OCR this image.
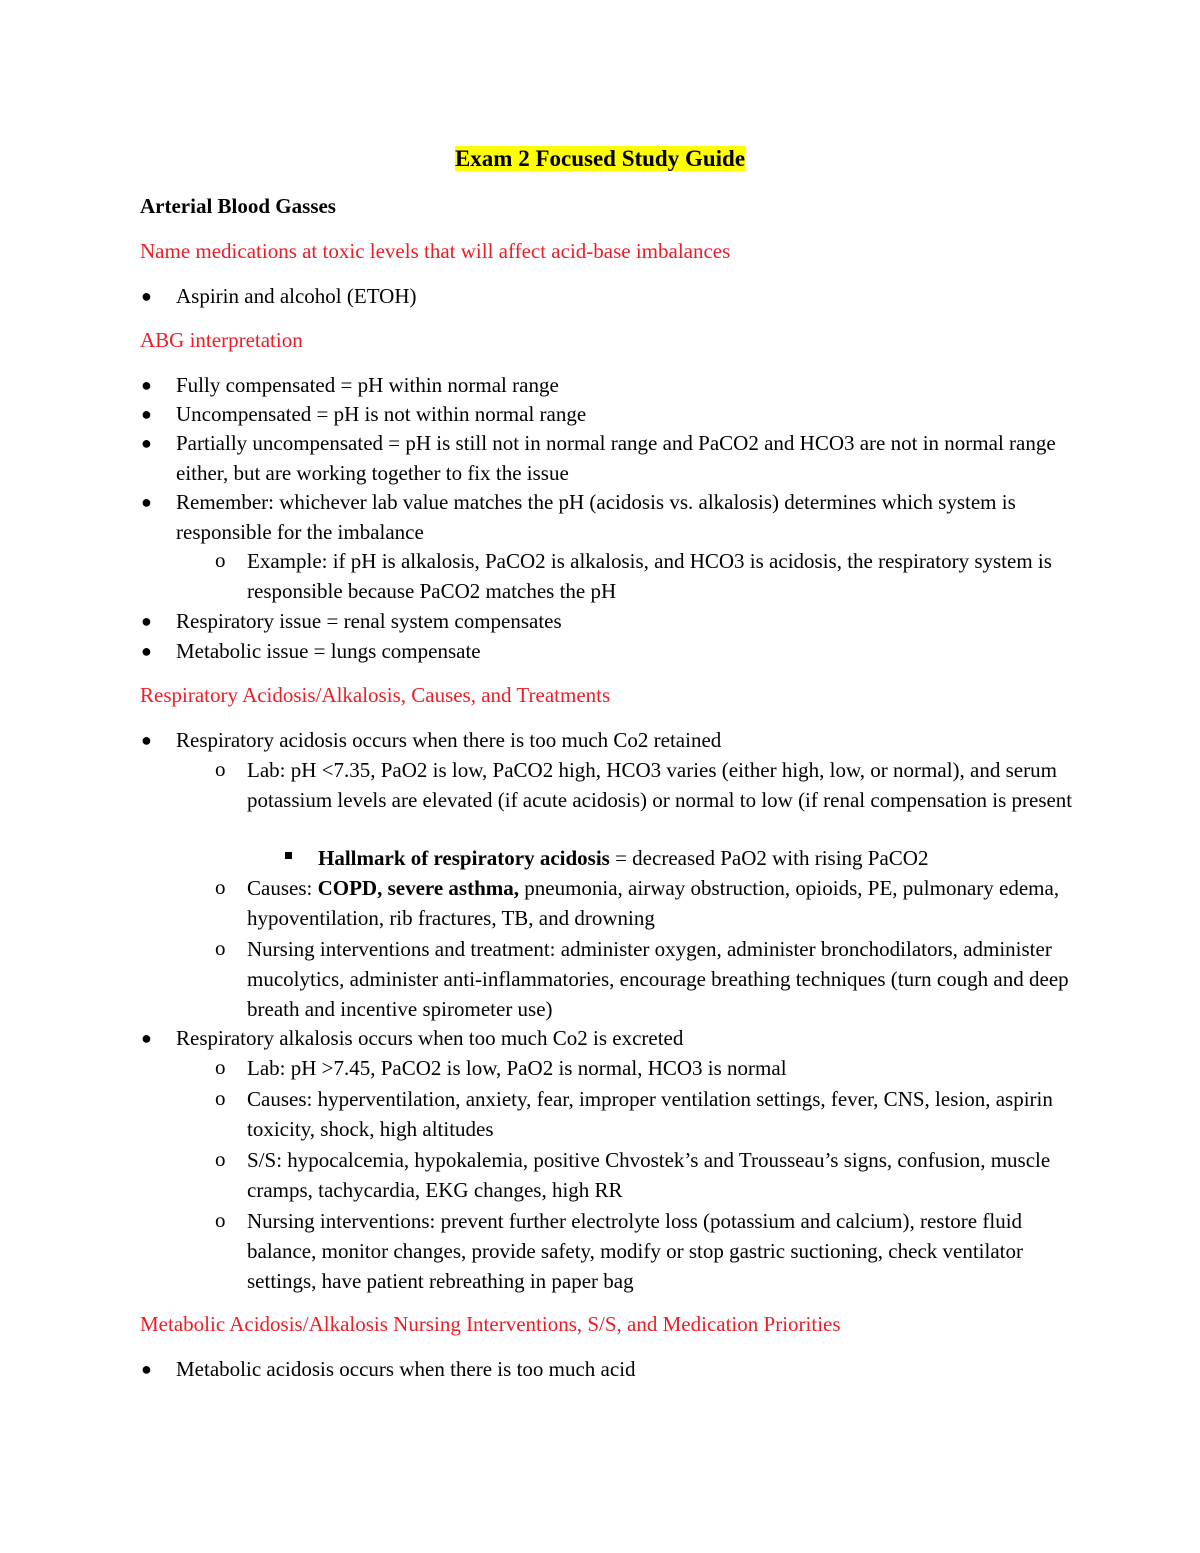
Exam 2 Focused Study Guide
Arterial Blood Gasses
Name medications at toxic levels that will affect acid-base imbalances
● Aspirin and alcohol (ETOH)
ABG interpretation
● Fully compensated = pH within normal range
● Uncompensated = pH is not within normal range
● Partially uncompensated = pH is still not in normal range and PaCO2 and HCO3 are not in normal range either, but are working together to fix the issue
● Remember: whichever lab value matches the pH (acidosis vs. alkalosis) determines which system is responsible for the imbalance
o Example: if pH is alkalosis, PaCO2 is alkalosis, and HCO3 is acidosis, the respiratory system is responsible because PaCO2 matches the pH
● Respiratory issue = renal system compensates
● Metabolic issue = lungs compensate
Respiratory Acidosis/Alkalosis, Causes, and Treatments
● Respiratory acidosis occurs when there is too much Co2 retained
o Lab: pH <7.35, PaO2 is low, PaCO2 high, HCO3 varies (either high, low, or normal), and serum potassium levels are elevated (if acute acidosis) or normal to low (if renal compensation is present
Hallmark of respiratory acidosis = decreased PaO2 with rising PaCO2
o Causes: COPD, severe asthma, pneumonia, airway obstruction, opioids, PE, pulmonary edema, hypoventilation, rib fractures, TB, and drowning
o Nursing interventions and treatment: administer oxygen, administer bronchodilators, administer mucolytics, administer anti-inflammatories, encourage breathing techniques (turn cough and deep breath and incentive spirometer use)
● Respiratory alkalosis occurs when too much Co2 is excreted
o Lab: pH >7.45, PaCO2 is low, PaO2 is normal, HCO3 is normal
o Causes: hyperventilation, anxiety, fear, improper ventilation settings, fever, CNS, lesion, aspirin toxicity, shock, high altitudes
o S/S: hypocalcemia, hypokalemia, positive Chvostek’s and Trousseau’s signs, confusion, muscle cramps, tachycardia, EKG changes, high RR
o Nursing interventions: prevent further electrolyte loss (potassium and calcium), restore fluid balance, monitor changes, provide safety, modify or stop gastric suctioning, check ventilator settings, have patient rebreathing in paper bag
Metabolic Acidosis/Alkalosis Nursing Interventions, S/S, and Medication Priorities
● Metabolic acidosis occurs when there is too much acid
